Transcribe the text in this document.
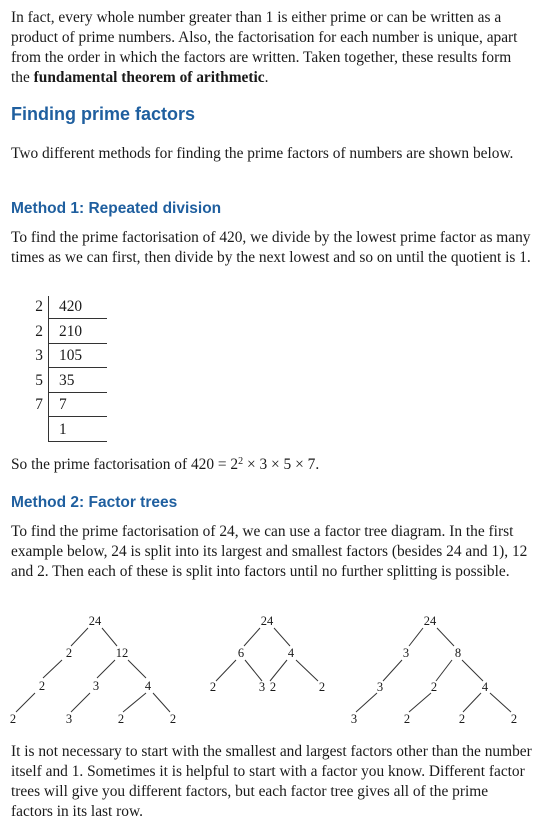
In fact, every whole number greater than 1 is either prime or can be written as a product of prime numbers. Also, the factorisation for each number is unique, apart from the order in which the factors are written. Taken together, these results form the fundamental theorem of arithmetic.

Finding prime factors

Two different methods for finding the prime factors of numbers are shown below.

Method 1: Repeated division

To find the prime factorisation of 420, we divide by the lowest prime factor as many times as we can first, then divide by the next lowest and so on until the quotient is 1.

2 420
2 210
3 105
5 35
7 7
1

So the prime factorisation of $420 = 2^2 \times 3 \times 5 \times 7$.

Method 2: Factor trees

To find the prime factorisation of 24, we can use a factor tree diagram. In the first example below, 24 is split into its largest and smallest factors (besides 24 and 1), 12 and 2. Then each of these is split into factors until no further splitting is possible.

24
2	12
2	3	4
2	3	2	2
24
6	4
2	3 2	2
24
3	8
3	2	4
3	2	2	2

It is not necessary to start with the smallest and largest factors other than the number itself and 1. Sometimes it is helpful to start with a factor you know. Different factor trees will give you different factors, but each factor tree gives all of the prime factors in its last row.
